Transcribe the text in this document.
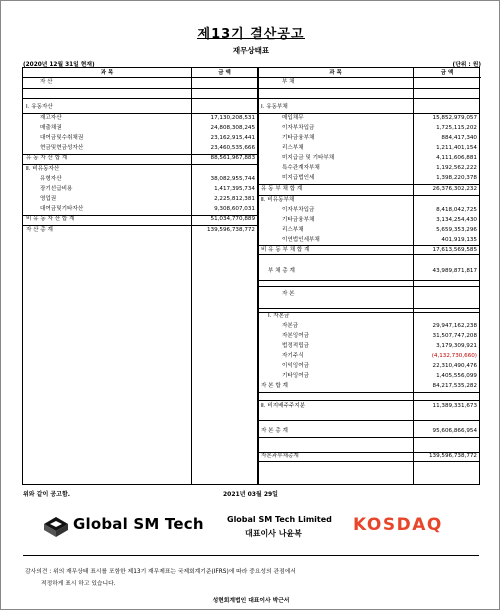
제13기 결산공고
재무상태표
(2020년 12월 31일 현재)	(단위 : 원)
과 목	금 액	과 목	금 액
자 산
Ⅰ. 유동자산
재고자산	17,130,208,531
매출채권	24,808,308,245
대여금및수취채권	23,162,915,441
현금및현금성자산	23,460,535,666
유 동 자 산 합 계	88,561,967,883
Ⅱ. 비유동자산
유형자산	38,082,955,744
장기선급비용	1,417,395,734
영업권	2,225,812,381
대여금및기타자산	9,308,607,031
비 유 동 자 산 합 계	51,034,770,889
자 산 총 계	139,596,738,772
부 채
Ⅰ. 유동부채
매입채무	15,852,979,057
이자부차입금	1,725,115,202
기타금융부채	884,417,340
리스부채	1,211,401,154
미지급금 및 기타부채	4,111,606,881
특수관계자부채	1,192,562,222
미지급법인세	1,398,220,378
유 동 부 채 합 계	26,376,302,232
Ⅱ. 비유동부채
이자부차입금	8,418,042,725
기타금융부채	3,134,254,430
리스부채	5,659,353,296
이연법인세부채	401,919,135
비 유 동 부 채 합 계	17,613,569,585
부 채 총 계	43,989,871,817
자 본
Ⅰ. 자본금
자본금	29,947,162,238
자본잉여금	31,507,747,208
법정적립금	3,179,309,921
자기주식	(4,132,730,660)
이익잉여금	22,310,490,476
기타잉여금	1,405,556,099
자 본 합 계	84,217,535,282
Ⅱ. 비지배주주지분	11,389,331,673
자 본 총 계	95,606,866,954
자본과부채총계	139,596,738,772
위와 같이 공고함.	2021년 03월 29일
Global SM Tech	Global SM Tech Limited
대표이사 나윤복	KOSDAQ
감사의견 : 위의 재무상태 표시를 포함한 제13기 재무제표는 국제회계기준(IFRS)에 따라 중요성의 관점에서
적정하게 표시 하고 있습니다.
성현회계법인 대표이사 박근서
